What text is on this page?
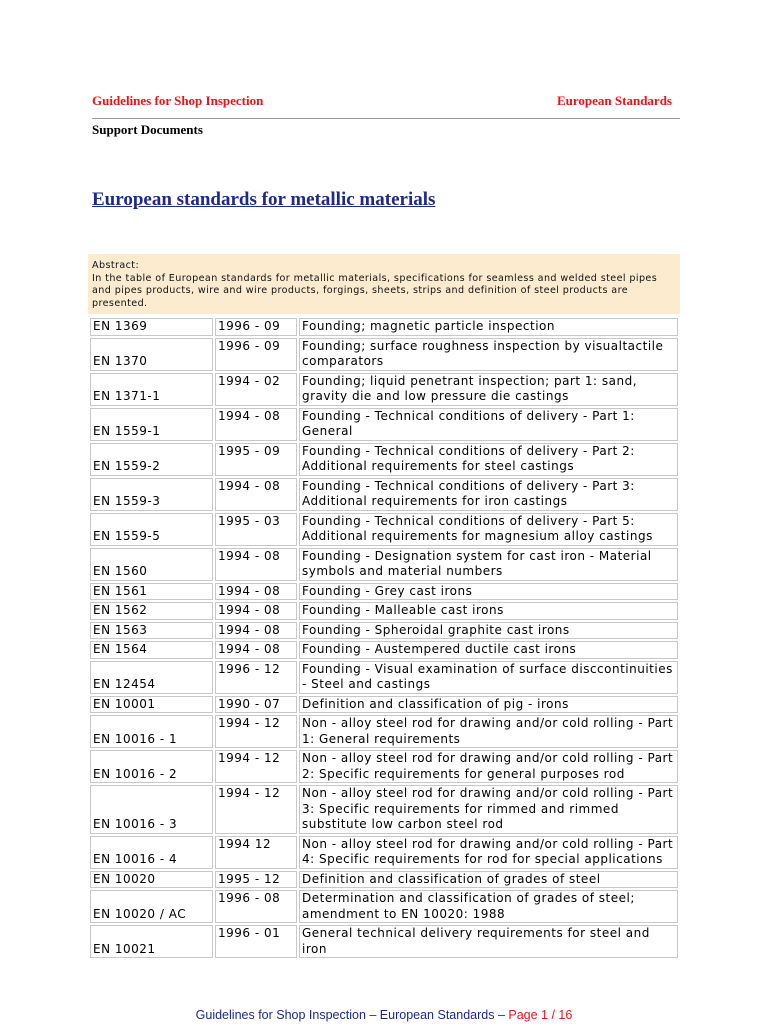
Guidelines for Shop Inspection	European Standards
Support Documents
European standards for metallic materials
Abstract:
In the table of European standards for metallic materials, specifications for seamless and welded steel pipes and pipes products, wire and wire products, forgings, sheets, strips and definition of steel products are presented.
EN 1369	1996 - 09	Founding; magnetic particle inspection
EN 1370	1996 - 09	Founding; surface roughness inspection by visualtactile comparators
EN 1371-1	1994 - 02	Founding; liquid penetrant inspection; part 1: sand, gravity die and low pressure die castings
EN 1559-1	1994 - 08	Founding - Technical conditions of delivery - Part 1: General
EN 1559-2	1995 - 09	Founding - Technical conditions of delivery - Part 2: Additional requirements for steel castings
EN 1559-3	1994 - 08	Founding - Technical conditions of delivery - Part 3: Additional requirements for iron castings
EN 1559-5	1995 - 03	Founding - Technical conditions of delivery - Part 5: Additional requirements for magnesium alloy castings
EN 1560	1994 - 08	Founding - Designation system for cast iron - Material symbols and material numbers
EN 1561	1994 - 08	Founding - Grey cast irons
EN 1562	1994 - 08	Founding - Malleable cast irons
EN 1563	1994 - 08	Founding - Spheroidal graphite cast irons
EN 1564	1994 - 08	Founding - Austempered ductile cast irons
EN 12454	1996 - 12	Founding - Visual examination of surface disccontinuities - Steel and castings
EN 10001	1990 - 07	Definition and classification of pig - irons
EN 10016 - 1	1994 - 12	Non - alloy steel rod for drawing and/or cold rolling - Part 1: General requirements
EN 10016 - 2	1994 - 12	Non - alloy steel rod for drawing and/or cold rolling - Part 2: Specific requirements for general purposes rod
EN 10016 - 3	1994 - 12	Non - alloy steel rod for drawing and/or cold rolling - Part 3: Specific requirements for rimmed and rimmed substitute low carbon steel rod
EN 10016 - 4	1994 12	Non - alloy steel rod for drawing and/or cold rolling - Part 4: Specific requirements for rod for special applications
EN 10020	1995 - 12	Definition and classification of grades of steel
EN 10020 / AC	1996 - 08	Determination and classification of grades of steel; amendment to EN 10020: 1988
EN 10021	1996 - 01	General technical delivery requirements for steel and iron
Guidelines for Shop Inspection – European Standards – Page 1 / 16
